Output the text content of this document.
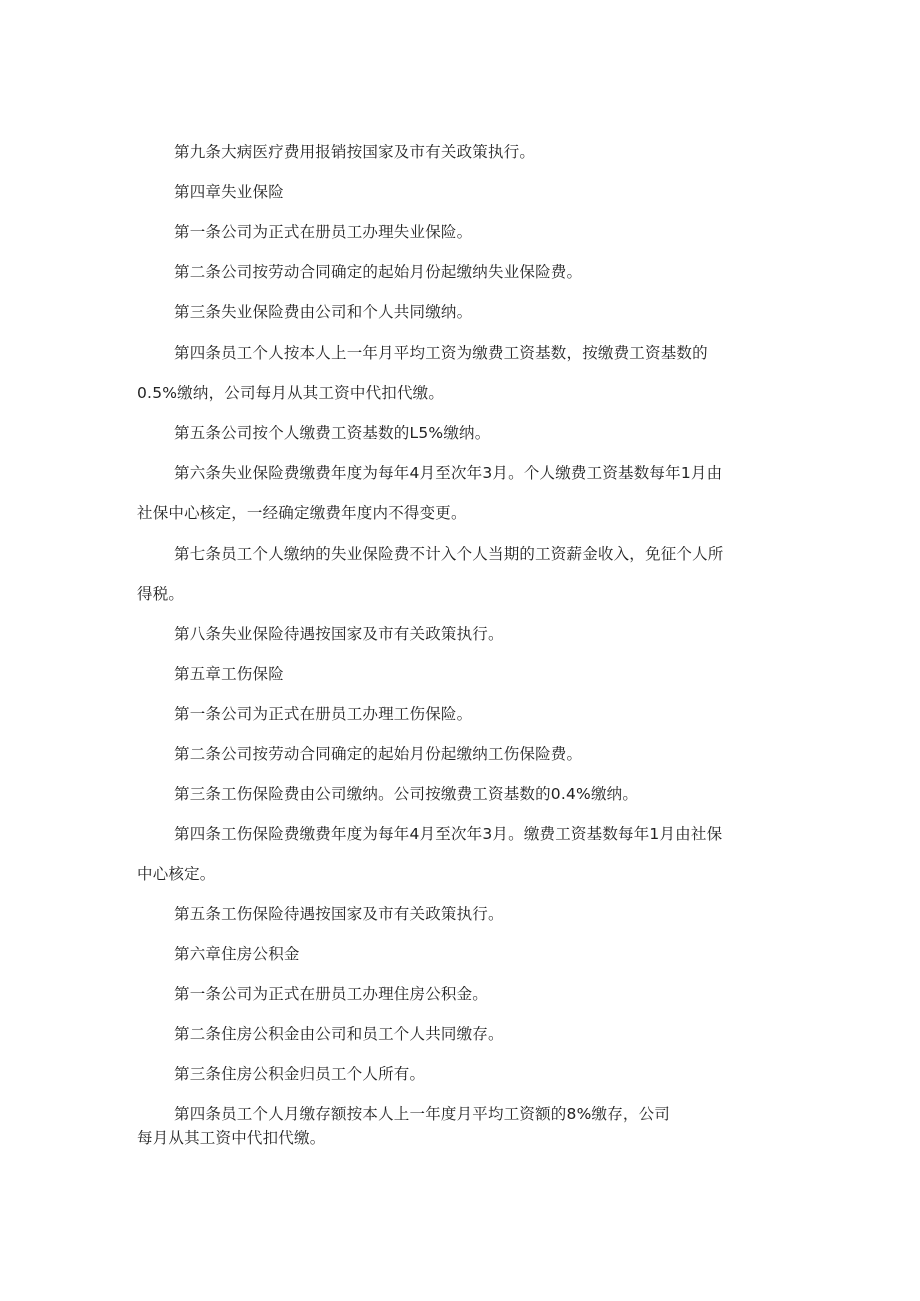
第九条大病医疗费用报销按国家及市有关政策执行。
第四章失业保险
第一条公司为正式在册员工办理失业保险。
第二条公司按劳动合同确定的起始月份起缴纳失业保险费。
第三条失业保险费由公司和个人共同缴纳。
第四条员工个人按本人上一年月平均工资为缴费工资基数，按缴费工资基数的
0.5%缴纳，公司每月从其工资中代扣代缴。
第五条公司按个人缴费工资基数的L5%缴纳。
第六条失业保险费缴费年度为每年4月至次年3月。个人缴费工资基数每年1月由
社保中心核定，一经确定缴费年度内不得变更。
第七条员工个人缴纳的失业保险费不计入个人当期的工资薪金收入，免征个人所
得税。
第八条失业保险待遇按国家及市有关政策执行。
第五章工伤保险
第一条公司为正式在册员工办理工伤保险。
第二条公司按劳动合同确定的起始月份起缴纳工伤保险费。
第三条工伤保险费由公司缴纳。公司按缴费工资基数的0.4%缴纳。
第四条工伤保险费缴费年度为每年4月至次年3月。缴费工资基数每年1月由社保
中心核定。
第五条工伤保险待遇按国家及市有关政策执行。
第六章住房公积金
第一条公司为正式在册员工办理住房公积金。
第二条住房公积金由公司和员工个人共同缴存。
第三条住房公积金归员工个人所有。
第四条员工个人月缴存额按本人上一年度月平均工资额的8%缴存，公司
每月从其工资中代扣代缴。
